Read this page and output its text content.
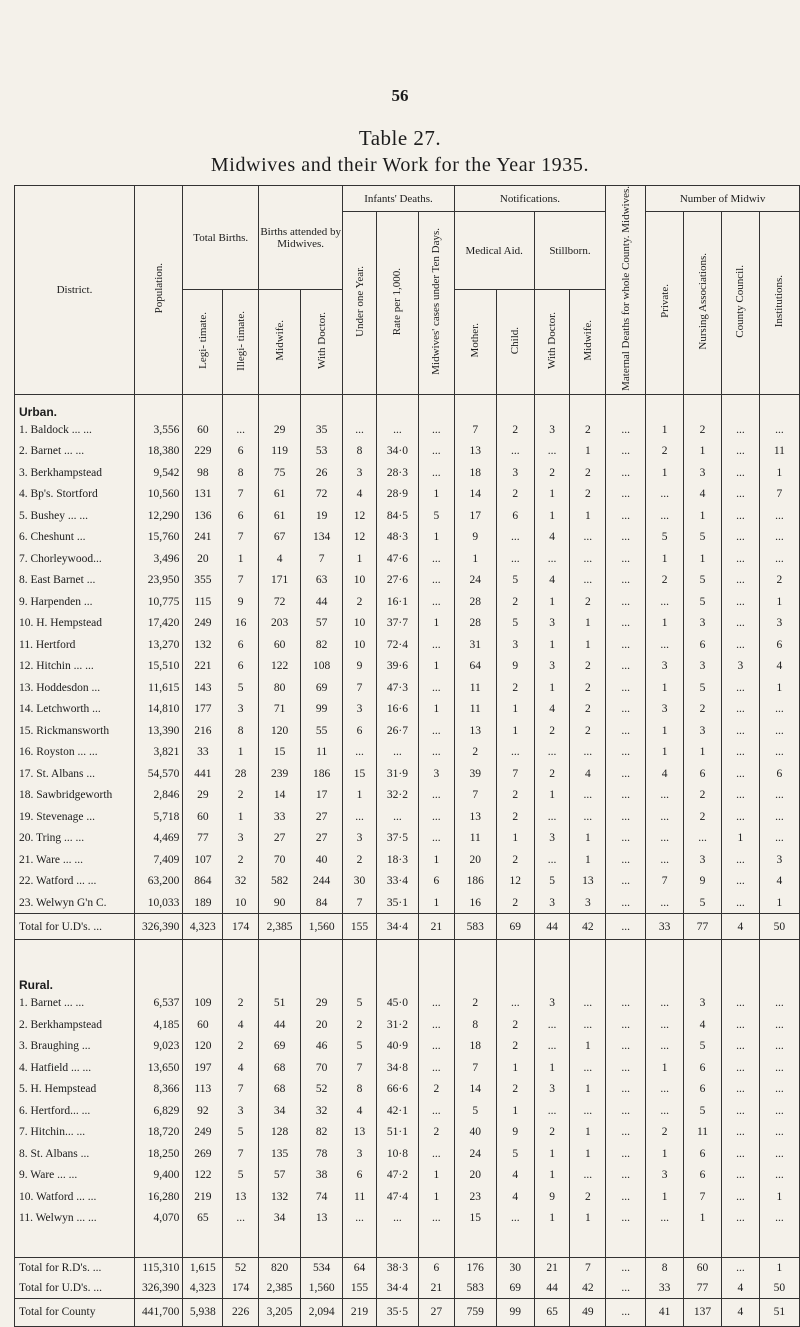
56
Table 27.
Midwives and their Work for the Year 1935.
District.	Population.	Total Births.		Births attended by Midwives.		Infants' Deaths.			Notifications.				Maternal Deaths for whole County. Midwives.	Number of Midwiv			
						Under one Year.	Rate per 1,000.	Midwives' cases under Ten Days.	Medical Aid.		Stillborn.			Private.	Nursing Associations.	County Council.	Institutions.
		Legi- timate.	Illegi- timate.	Midwife.	With Doctor.				Mother.	Child.	With Doctor.	Midwife.					
Urban.																	
1. Baldock ... ...	3,556	60	...	29	35	...	...	...	7	2	3	2	...	1	2	...	...
2. Barnet ... ...	18,380	229	6	119	53	8	34·0	...	13	...	...	1	...	2	1	...	11
3. Berkhampstead	9,542	98	8	75	26	3	28·3	...	18	3	2	2	...	1	3	...	1
4. Bp's. Stortford	10,560	131	7	61	72	4	28·9	1	14	2	1	2	...	...	4	...	7
5. Bushey ... ...	12,290	136	6	61	19	12	84·5	5	17	6	1	1	...	...	1	...	...
6. Cheshunt ...	15,760	241	7	67	134	12	48·3	1	9	...	4	...	...	5	5	...	...
7. Chorleywood...	3,496	20	1	4	7	1	47·6	...	1	...	...	...	...	1	1	...	...
8. East Barnet ...	23,950	355	7	171	63	10	27·6	...	24	5	4	...	...	2	5	...	2
9. Harpenden ...	10,775	115	9	72	44	2	16·1	...	28	2	1	2	...	...	5	...	1
10. H. Hempstead	17,420	249	16	203	57	10	37·7	1	28	5	3	1	...	1	3	...	3
11. Hertford	13,270	132	6	60	82	10	72·4	...	31	3	1	1	...	...	6	...	6
12. Hitchin ... ...	15,510	221	6	122	108	9	39·6	1	64	9	3	2	...	3	3	3	4
13. Hoddesdon ...	11,615	143	5	80	69	7	47·3	...	11	2	1	2	...	1	5	...	1
14. Letchworth ...	14,810	177	3	71	99	3	16·6	1	11	1	4	2	...	3	2	...	...
15. Rickmansworth	13,390	216	8	120	55	6	26·7	...	13	1	2	2	...	1	3	...	...
16. Royston ... ...	3,821	33	1	15	11	...	...	...	2	...	...	...	...	1	1	...	...
17. St. Albans ...	54,570	441	28	239	186	15	31·9	3	39	7	2	4	...	4	6	...	6
18. Sawbridgeworth	2,846	29	2	14	17	1	32·2	...	7	2	1	...	...	...	2	...	...
19. Stevenage ...	5,718	60	1	33	27	...	...	...	13	2	...	...	...	...	2	...	...
20. Tring ... ...	4,469	77	3	27	27	3	37·5	...	11	1	3	1	...	...	...	1	...
21. Ware ... ...	7,409	107	2	70	40	2	18·3	1	20	2	...	1	...	...	3	...	3
22. Watford ... ...	63,200	864	32	582	244	30	33·4	6	186	12	5	13	...	7	9	...	4
23. Welwyn G'n C.	10,033	189	10	90	84	7	35·1	1	16	2	3	3	...	...	5	...	1
Total for U.D's. ...	326,390	4,323	174	2,385	1,560	155	34·4	21	583	69	44	42	...	33	77	4	50

Rural.																	
1. Barnet ... ...	6,537	109	2	51	29	5	45·0	...	2	...	3	...	...	...	3	...	...
2. Berkhampstead	4,185	60	4	44	20	2	31·2	...	8	2	...	...	...	...	4	...	...
3. Braughing ...	9,023	120	2	69	46	5	40·9	...	18	2	...	1	...	...	5	...	...
4. Hatfield ... ...	13,650	197	4	68	70	7	34·8	...	7	1	1	...	...	1	6	...	...
5. H. Hempstead	8,366	113	7	68	52	8	66·6	2	14	2	3	1	...	...	6	...	...
6. Hertford... ...	6,829	92	3	34	32	4	42·1	...	5	1	...	...	...	...	5	...	...
7. Hitchin... ...	18,720	249	5	128	82	13	51·1	2	40	9	2	1	...	2	11	...	...
8. St. Albans ...	18,250	269	7	135	78	3	10·8	...	24	5	1	1	...	1	6	...	...
9. Ware ... ...	9,400	122	5	57	38	6	47·2	1	20	4	1	...	...	3	6	...	...
10. Watford ... ...	16,280	219	13	132	74	11	47·4	1	23	4	9	2	...	1	7	...	1
11. Welwyn ... ...	4,070	65	...	34	13	...	...	...	15	...	1	1	...	...	1	...	...

Total for R.D's. ...	115,310	1,615	52	820	534	64	38·3	6	176	30	21	7	...	8	60	...	1
Total for U.D's. ...	326,390	4,323	174	2,385	1,560	155	34·4	21	583	69	44	42	...	33	77	4	50
Total for County	441,700	5,938	226	3,205	2,094	219	35·5	27	759	99	65	49	...	41	137	4	51
